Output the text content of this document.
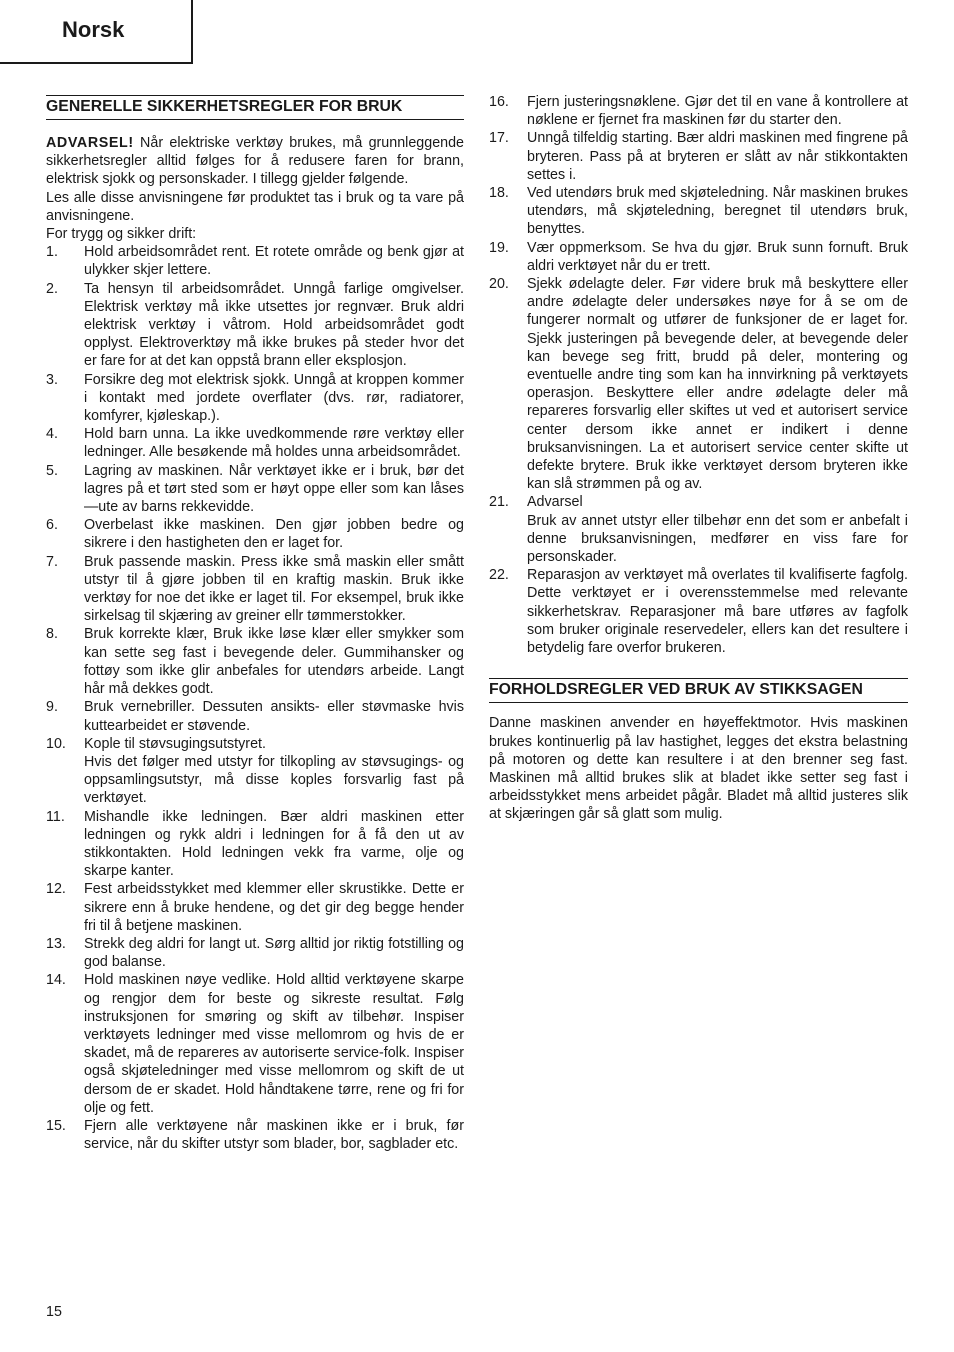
Norsk
GENERELLE SIKKERHETSREGLER FOR BRUK

ADVARSEL! Når elektriske verktøy brukes, må grunnleggende sikkerhetsregler alltid følges for å redusere faren for brann, elektrisk sjokk og personskader. I tillegg gjelder følgende.

Les alle disse anvisningene før produktet tas i bruk og ta vare på anvisningene.

For trygg og sikker drift:

1. Hold arbeidsområdet rent. Et rotete område og benk gjør at ulykker skjer lettere.
2. Ta hensyn til arbeidsområdet. Unngå farlige omgivelser. Elektrisk verktøy må ikke utsettes jor regnvær. Bruk aldri elektrisk verktøy i våtrom. Hold arbeidsområdet godt opplyst. Elektroverktøy må ikke brukes på steder hvor det er fare for at det kan oppstå brann eller eksplosjon.
3. Forsikre deg mot elektrisk sjokk. Unngå at kroppen kommer i kontakt med jordete overflater (dvs. rør, radiatorer, komfyrer, kjøleskap.).
4. Hold barn unna. La ikke uvedkommende røre verktøy eller ledninger. Alle besøkende må holdes unna arbeidsområdet.
5. Lagring av maskinen. Når verktøyet ikke er i bruk, bør det lagres på et tørt sted som er høyt oppe eller som kan låses—ute av barns rekkevidde.
6. Overbelast ikke maskinen. Den gjør jobben bedre og sikrere i den hastigheten den er laget for.
7. Bruk passende maskin. Press ikke små maskin eller smått utstyr til å gjøre jobben til en kraftig maskin. Bruk ikke verktøy for noe det ikke er laget til. For eksempel, bruk ikke sirkelsag til skjæring av greiner ellr tømmerstokker.
8. Bruk korrekte klær, Bruk ikke løse klær eller smykker som kan sette seg fast i bevegende deler. Gummihansker og fottøy som ikke glir anbefales for utendørs arbeide. Langt hår må dekkes godt.
9. Bruk vernebriller. Dessuten ansikts- eller støvmaske hvis kuttearbeidet er støvende.
10. Kople til støvsugingsutstyret.
Hvis det følger med utstyr for tilkopling av støvsugings- og oppsamlingsutstyr, må disse koples forsvarlig fast på verktøyet.
11. Mishandle ikke ledningen. Bær aldri maskinen etter ledningen og rykk aldri i ledningen for å få den ut av stikkontakten. Hold ledningen vekk fra varme, olje og skarpe kanter.
12. Fest arbeidsstykket med klemmer eller skrustikke. Dette er sikrere enn å bruke hendene, og det gir deg begge hender fri til å betjene maskinen.
13. Strekk deg aldri for langt ut. Sørg alltid jor riktig fotstilling og god balanse.
14. Hold maskinen nøye vedlike. Hold alltid verktøyene skarpe og rengjor dem for beste og sikreste resultat. Følg instruksjonen for smøring og skift av tilbehør. Inspiser verktøyets ledninger med visse mellomrom og hvis de er skadet, må de repareres av autoriserte service-folk. Inspiser også skjøteledninger med visse mellomrom og skift de ut dersom de er skadet. Hold håndtakene tørre, rene og fri for olje og fett.
15. Fjern alle verktøyene når maskinen ikke er i bruk, før service, når du skifter utstyr som blader, bor, sagblader etc.
16. Fjern justeringsnøklene. Gjør det til en vane å kontrollere at nøklene er fjernet fra maskinen før du starter den.
17. Unngå tilfeldig starting. Bær aldri maskinen med fingrene på bryteren. Pass på at bryteren er slått av når stikkontakten settes i.
18. Ved utendørs bruk med skjøteledning. Når maskinen brukes utendørs, må skjøteledning, beregnet til utendørs bruk, benyttes.
19. Vær oppmerksom. Se hva du gjør. Bruk sunn fornuft. Bruk aldri verktøyet når du er trett.
20. Sjekk ødelagte deler. Før videre bruk må beskyttere eller andre ødelagte deler undersøkes nøye for å se om de fungerer normalt og utfører de funksjoner de er laget for. Sjekk justeringen på bevegende deler, at bevegende deler kan bevege seg fritt, brudd på deler, montering og eventuelle andre ting som kan ha innvirkning på verktøyets operasjon. Beskyttere eller andre ødelagte deler må repareres forsvarlig eller skiftes ut ved et autorisert service center dersom ikke annet er indikert i denne bruksanvisningen. La et autorisert service center skifte ut defekte brytere. Bruk ikke verktøyet dersom bryteren ikke kan slå strømmen på og av.
21. Advarsel
Bruk av annet utstyr eller tilbehør enn det som er anbefalt i denne bruksanvisningen, medfører en viss fare for personskader.
22. Reparasjon av verktøyet må overlates til kvalifiserte fagfolg. Dette verktøyet er i overensstemmelse med relevante sikkerhetskrav. Reparasjoner må bare utføres av fagfolk som bruker originale reservedeler, ellers kan det resultere i betydelig fare overfor brukeren.
FORHOLDSREGLER VED BRUK AV STIKKSAGEN

Danne maskinen anvender en høyeffektmotor. Hvis maskinen brukes kontinuerlig på lav hastighet, legges det ekstra belastning på motoren og dette kan resultere i at den brenner seg fast. Maskinen må alltid brukes slik at bladet ikke setter seg fast i arbeidsstykket mens arbeidet pågår. Bladet må alltid justeres slik at skjæringen går så glatt som mulig.

15
